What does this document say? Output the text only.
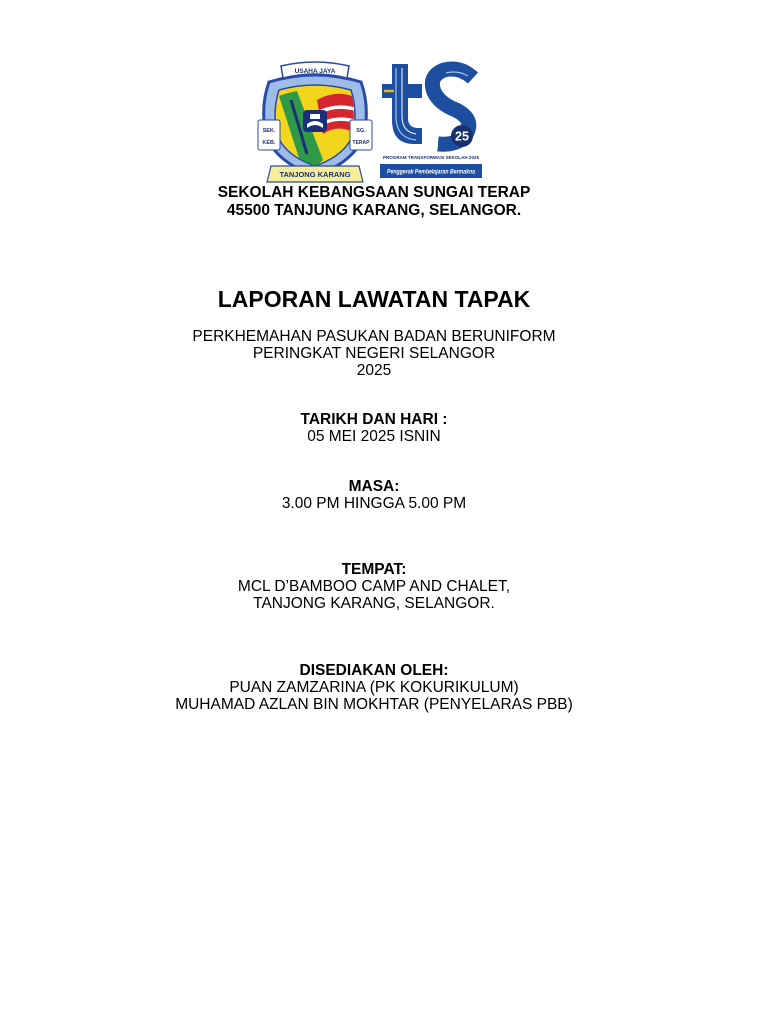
USAHA JAYA
SEK.
KEB.
SG.
TERAP
TANJONG KARANG
25
PROGRAM TRANSFORMASI SEKOLAH 2025
Penggerak Pembelajaran Bermakna
SEKOLAH KEBANGSAAN SUNGAI TERAP
45500 TANJUNG KARANG, SELANGOR.
LAPORAN LAWATAN TAPAK
PERKHEMAHAN PASUKAN BADAN BERUNIFORM
PERINGKAT NEGERI SELANGOR
2025
TARIKH DAN HARI :
05 MEI 2025 ISNIN
MASA:
3.00 PM HINGGA 5.00 PM
TEMPAT:
MCL D’BAMBOO CAMP AND CHALET,
TANJONG KARANG, SELANGOR.
DISEDIAKAN OLEH:
PUAN ZAMZARINA (PK KOKURIKULUM)
MUHAMAD AZLAN BIN MOKHTAR (PENYELARAS PBB)
